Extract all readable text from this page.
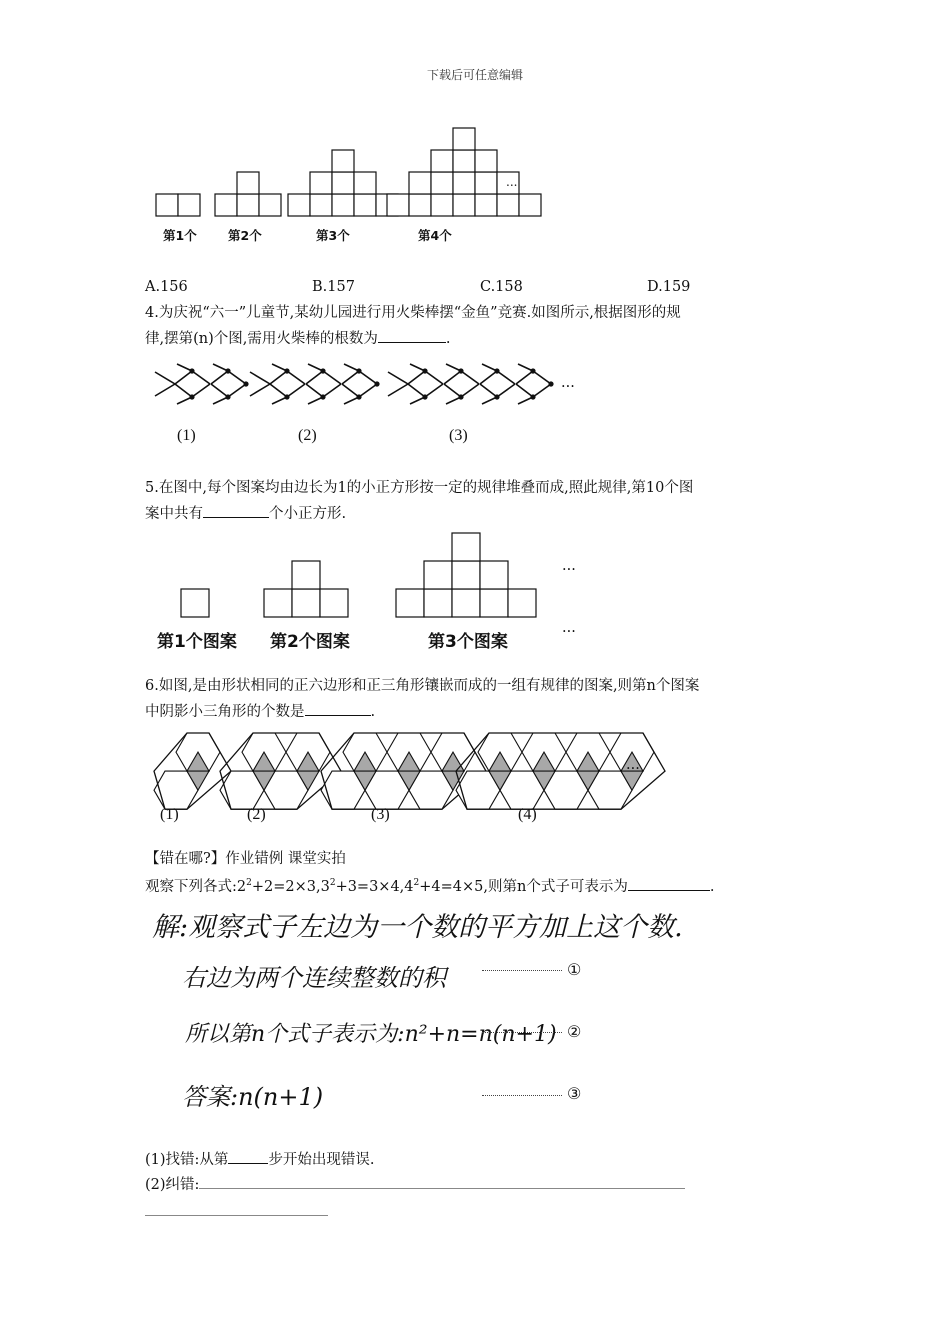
下载后可任意编辑
第1个	第2个	第3个	第4个
...
A.156	B.157	C.158	D.159
4.为庆祝“六一”儿童节,某幼儿园进行用火柴棒摆“金鱼”竞赛.如图所示,根据图形的规
律,摆第(n)个图,需用火柴棒的根数为	.
(1)	(2)	(3)
···
5.在图中,每个图案均由边长为1的小正方形按一定的规律堆叠而成,照此规律,第10个图
案中共有	个小正方形.
第1个图案 第2个图案	第3个图案
···
···
6.如图,是由形状相同的正六边形和正三角形镶嵌而成的一组有规律的图案,则第n个图案
中阴影小三角形的个数是	.
(1)	(2)	(3)	(4)
···
【错在哪?】作业错例 课堂实拍
观察下列各式$:2^2+2=2\times 3,3^2+3=3\times 4,4^2+4=4\times 5$,则第n个式子可表示为	.
解:观察式子左边为一个数的平方加上这个数.
右边为两个连续整数的积
所以第n个式子表示为:n²+n=n(n+1)
答案:n(n+1)
①
②
③
(1)找错:从第	步开始出现错误.
(2)纠错:
